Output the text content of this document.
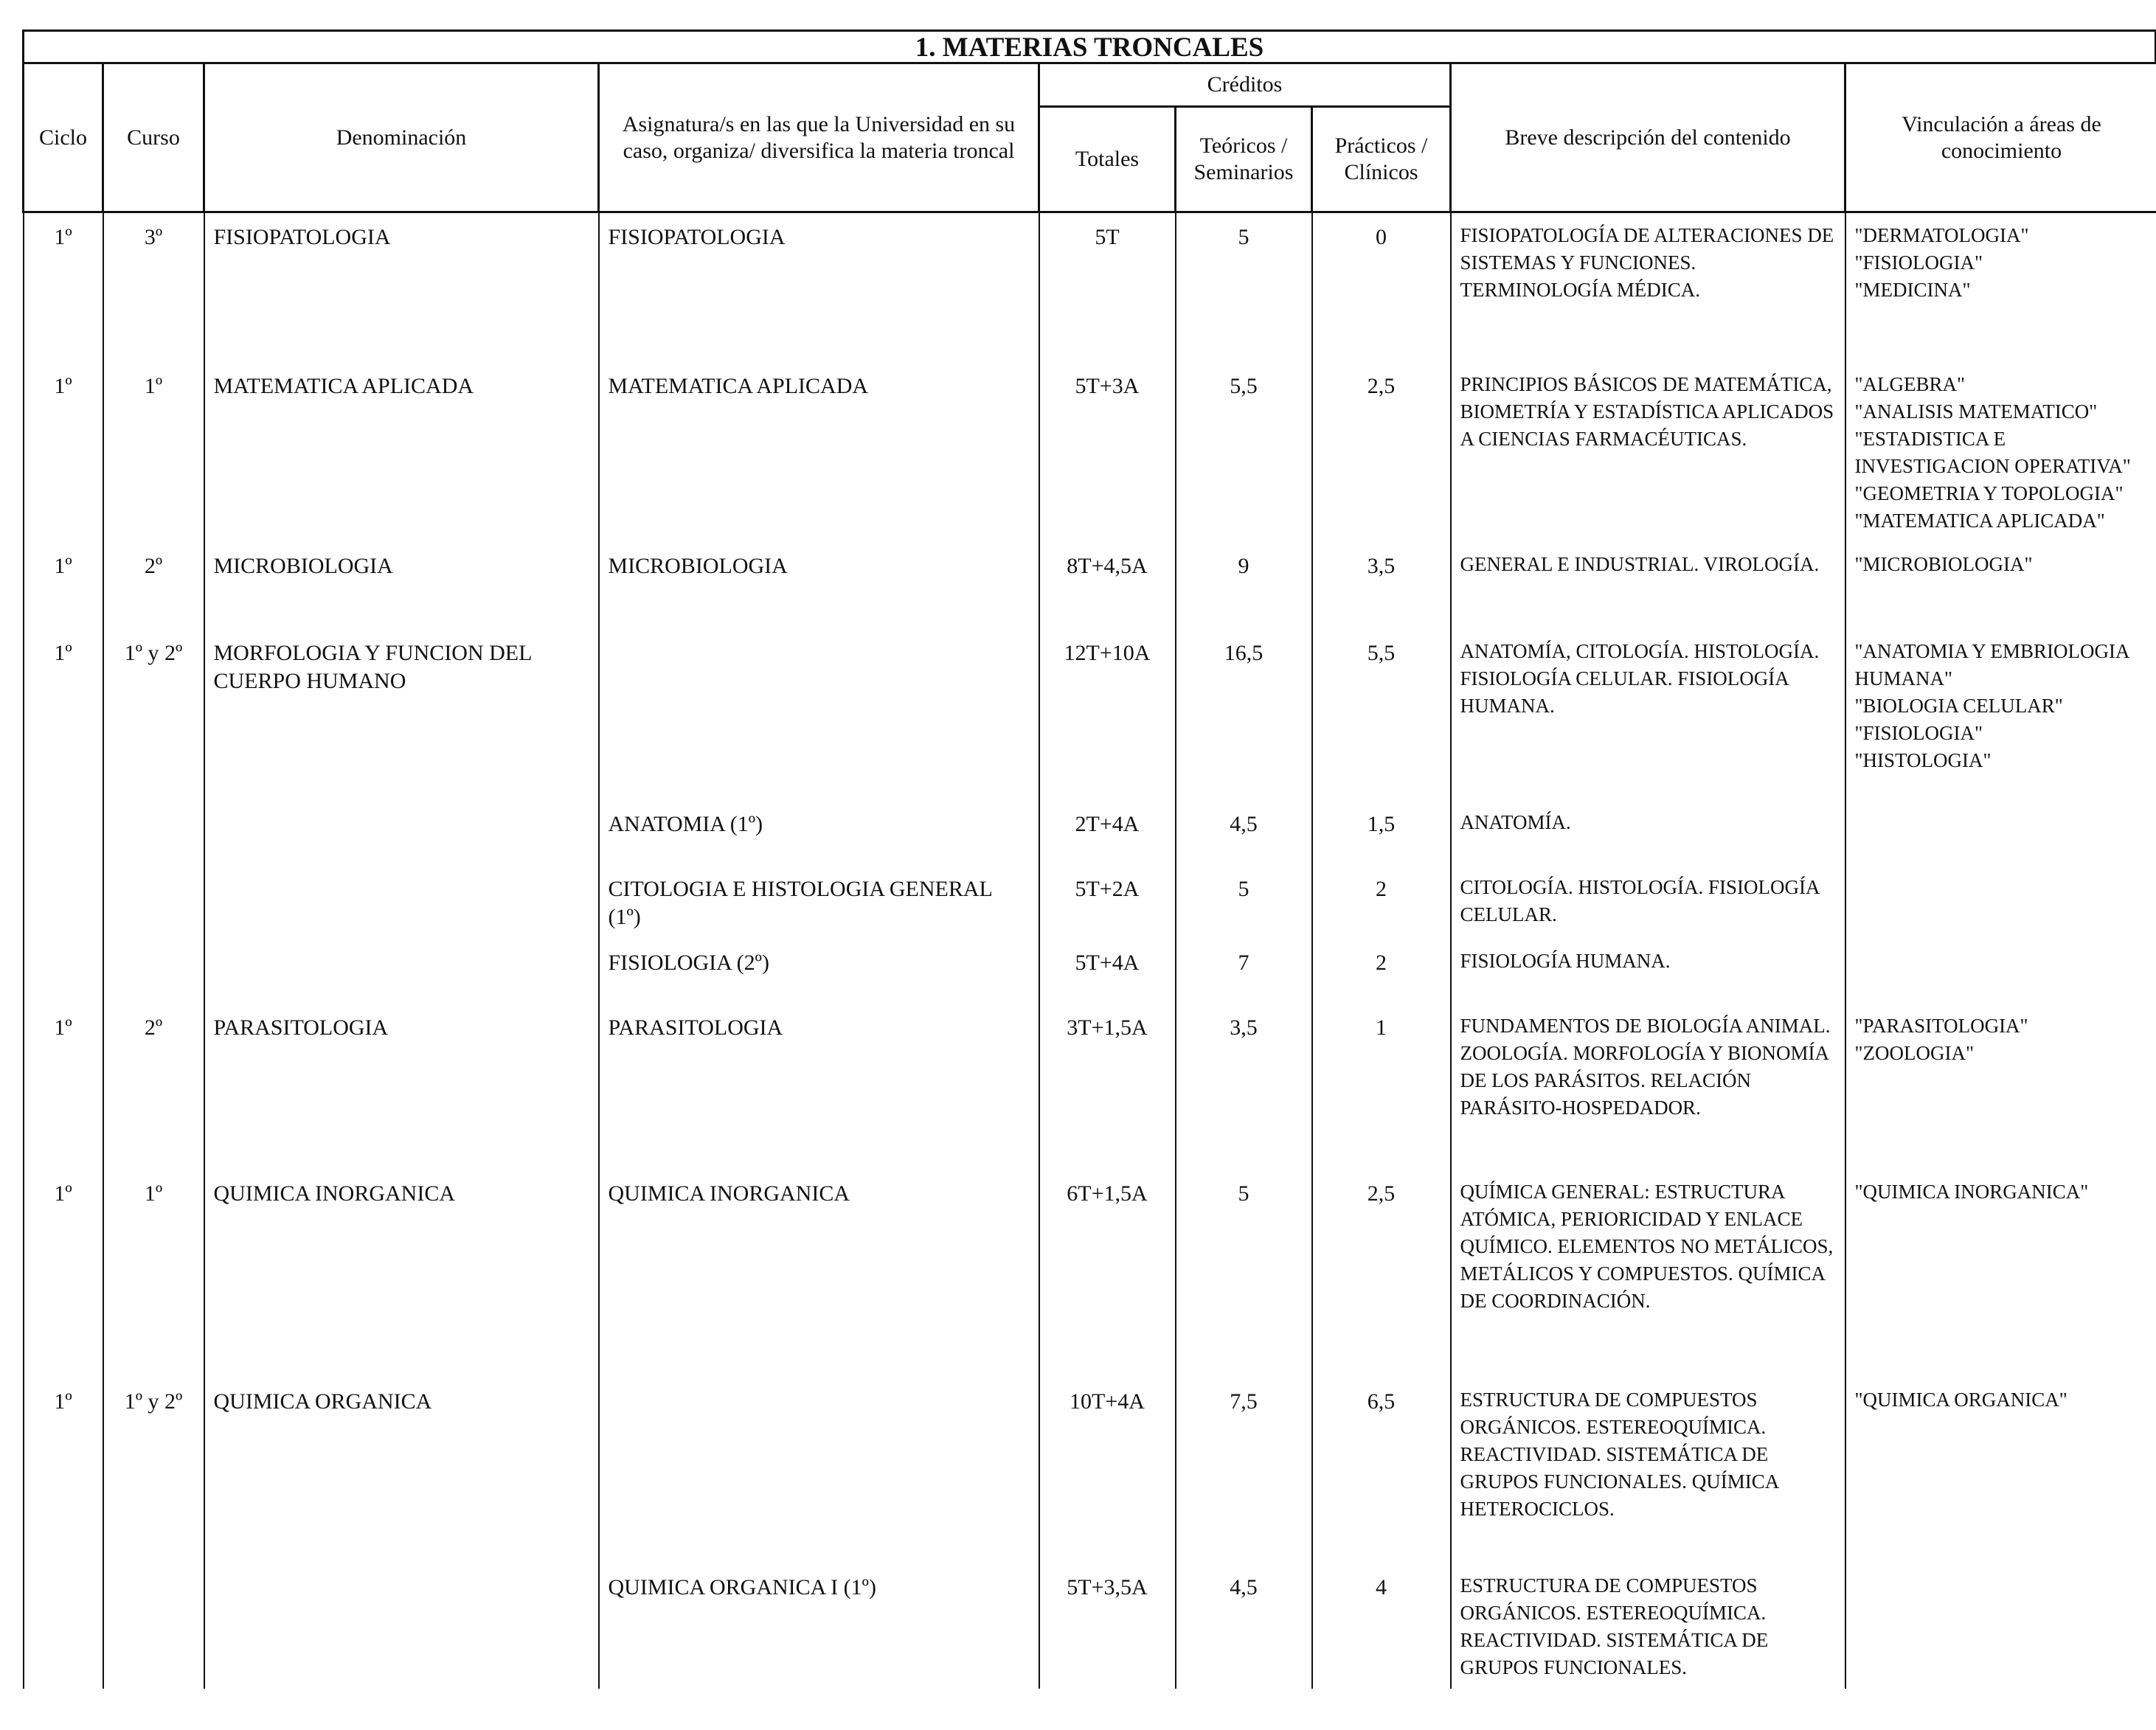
1. MATERIAS TRONCALES
Ciclo	Curso	Denominación	Asignatura/s en las que la Universidad en su caso, organiza/ diversifica la materia troncal	Créditos			Breve descripción del contenido	Vinculación a áreas de conocimiento
				Totales	Teóricos / Seminarios	Prácticos / Clínicos		
1º	3º	FISIOPATOLOGIA	FISIOPATOLOGIA	5T	5	0	FISIOPATOLOGÍA DE ALTERACIONES DE SISTEMAS Y FUNCIONES. TERMINOLOGÍA MÉDICA.	"DERMATOLOGIA"
"FISIOLOGIA"
"MEDICINA"
1º	1º	MATEMATICA APLICADA	MATEMATICA APLICADA	5T+3A	5,5	2,5	PRINCIPIOS BÁSICOS DE MATEMÁTICA, BIOMETRÍA Y ESTADÍSTICA APLICADOS A CIENCIAS FARMACÉUTICAS.	"ALGEBRA"
"ANALISIS MATEMATICO"
"ESTADISTICA E INVESTIGACION OPERATIVA"
"GEOMETRIA Y TOPOLOGIA"
"MATEMATICA APLICADA"
1º	2º	MICROBIOLOGIA	MICROBIOLOGIA	8T+4,5A	9	3,5	GENERAL E INDUSTRIAL. VIROLOGÍA.	"MICROBIOLOGIA"
1º	1º y 2º	MORFOLOGIA Y FUNCION DEL CUERPO HUMANO		12T+10A	16,5	5,5	ANATOMÍA, CITOLOGÍA. HISTOLOGÍA. FISIOLOGÍA CELULAR. FISIOLOGÍA HUMANA.	"ANATOMIA Y EMBRIOLOGIA HUMANA"
"BIOLOGIA CELULAR"
"FISIOLOGIA"
"HISTOLOGIA"
			ANATOMIA (1º)	2T+4A	4,5	1,5	ANATOMÍA.	
			CITOLOGIA E HISTOLOGIA GENERAL (1º)	5T+2A	5	2	CITOLOGÍA. HISTOLOGÍA. FISIOLOGÍA CELULAR.	
			FISIOLOGIA (2º)	5T+4A	7	2	FISIOLOGÍA HUMANA.	
1º	2º	PARASITOLOGIA	PARASITOLOGIA	3T+1,5A	3,5	1	FUNDAMENTOS DE BIOLOGÍA ANIMAL. ZOOLOGÍA. MORFOLOGÍA Y BIONOMÍA DE LOS PARÁSITOS. RELACIÓN PARÁSITO-HOSPEDADOR.	"PARASITOLOGIA"
"ZOOLOGIA"
1º	1º	QUIMICA INORGANICA	QUIMICA INORGANICA	6T+1,5A	5	2,5	QUÍMICA GENERAL: ESTRUCTURA ATÓMICA, PERIORICIDAD Y ENLACE QUÍMICO. ELEMENTOS NO METÁLICOS, METÁLICOS Y COMPUESTOS. QUÍMICA DE COORDINACIÓN.	"QUIMICA INORGANICA"
1º	1º y 2º	QUIMICA ORGANICA		10T+4A	7,5	6,5	ESTRUCTURA DE COMPUESTOS ORGÁNICOS. ESTEREOQUÍMICA. REACTIVIDAD. SISTEMÁTICA DE GRUPOS FUNCIONALES. QUÍMICA HETEROCICLOS.	"QUIMICA ORGANICA"
			QUIMICA ORGANICA I (1º)	5T+3,5A	4,5	4	ESTRUCTURA DE COMPUESTOS ORGÁNICOS. ESTEREOQUÍMICA. REACTIVIDAD. SISTEMÁTICA DE GRUPOS FUNCIONALES.	
